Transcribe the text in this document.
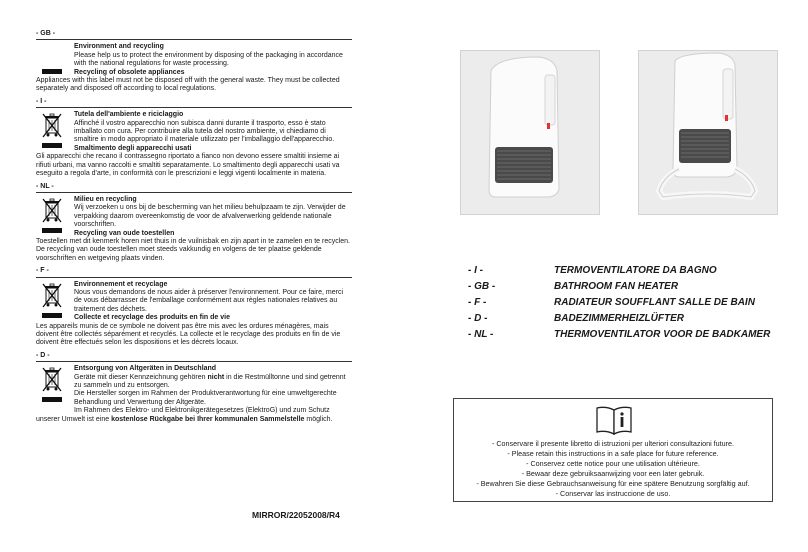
- GB -
Environment and recycling
Please help us to protect the environment by disposing of the packaging in accordance with the national regulations for waste processing.
Recycling of obsolete appliances
Appliances with this label must not be disposed off with the general waste. They must be collected separately and disposed off according to local regulations.
- I -
Tutela dell'ambiente e riciclaggio
Affinché il vostro apparecchio non subisca danni durante il trasporto, esso è stato imballato con cura. Per contribuire alla tutela del nostro ambiente, vi chiediamo di smaltire in modo appropriato il materiale utilizzato per l'imballaggio dell'apparecchio.
Smaltimento degli apparecchi usati
Gli apparecchi che recano il contrassegno riportato a fianco non devono essere smaltiti insieme ai rifiuti urbani, ma vanno raccolti e smaltiti separatamente. Lo smaltimento degli apparecchi usati va eseguito a regola d'arte, in conformità con le prescrizioni e leggi vigenti localmente in materia.
- NL -
Milieu en recycling
Wij verzoeken u ons bij de bescherming van het milieu behulpzaam te zijn. Verwijder de verpakking daarom overeenkomstig de voor de afvalverwerking geldende nationale voorschriften.
Recycling van oude toestellen
Toestellen met dit kenmerk horen niet thuis in de vuilnisbak en zijn apart in te zamelen en te recyclen. De recycling van oude toestellen moet steeds vakkundig en volgens de ter plaatse geldende voorschriften en wetgeving plaats vinden.
- F -
Environnement et recyclage
Nous vous demandons de nous aider à préserver l'environnement. Pour ce faire, merci de vous débarrasser de l'emballage conformément aux règles nationales relatives au traitement des déchets.
Collecte et recyclage des produits en fin de vie
Les appareils munis de ce symbole ne doivent pas être mis avec les ordures ménagères, mais doivent être collectés séparément et recyclés. La collecte et le recyclage des produits en fin de vie doivent être effectués selon les dispositions et les décrets locaux.
- D -
Entsorgung von Altgeräten in Deutschland
Geräte mit dieser Kennzeichnung gehören nicht in die Restmülltonne und sind getrennt zu sammeln und zu entsorgen.
Die Hersteller sorgen im Rahmen der Produktverantwortung für eine umweltgerechte Behandlung und Verwertung der Altgeräte.
Im Rahmen des Elektro- und Elektronikgerätegesetzes (ElektroG) und zum Schutz unserer Umwelt ist eine kostenlose Rückgabe bei Ihrer kommunalen Sammelstelle möglich.
MIRROR/22052008/R4
- I -	TERMOVENTILATORE DA BAGNO
- GB -	BATHROOM FAN HEATER
- F -	RADIATEUR SOUFFLANT SALLE DE BAIN
- D -	BADEZIMMERHEIZLÜFTER
- NL -	THERMOVENTILATOR VOOR DE BADKAMER
- Conservare il presente libretto di istruzioni per ulteriori consultazioni future.
- Please retain this instructions in a safe place for future reference.
- Conservez cette notice pour une utilisation ultérieure.
- Bewaar deze gebruiksaanwijzing voor een later gebruik.
- Bewahren Sie diese Gebrauchsanweisung für eine spätere Benutzung sorgfältig auf.
- Conservar las instruccione de uso.
